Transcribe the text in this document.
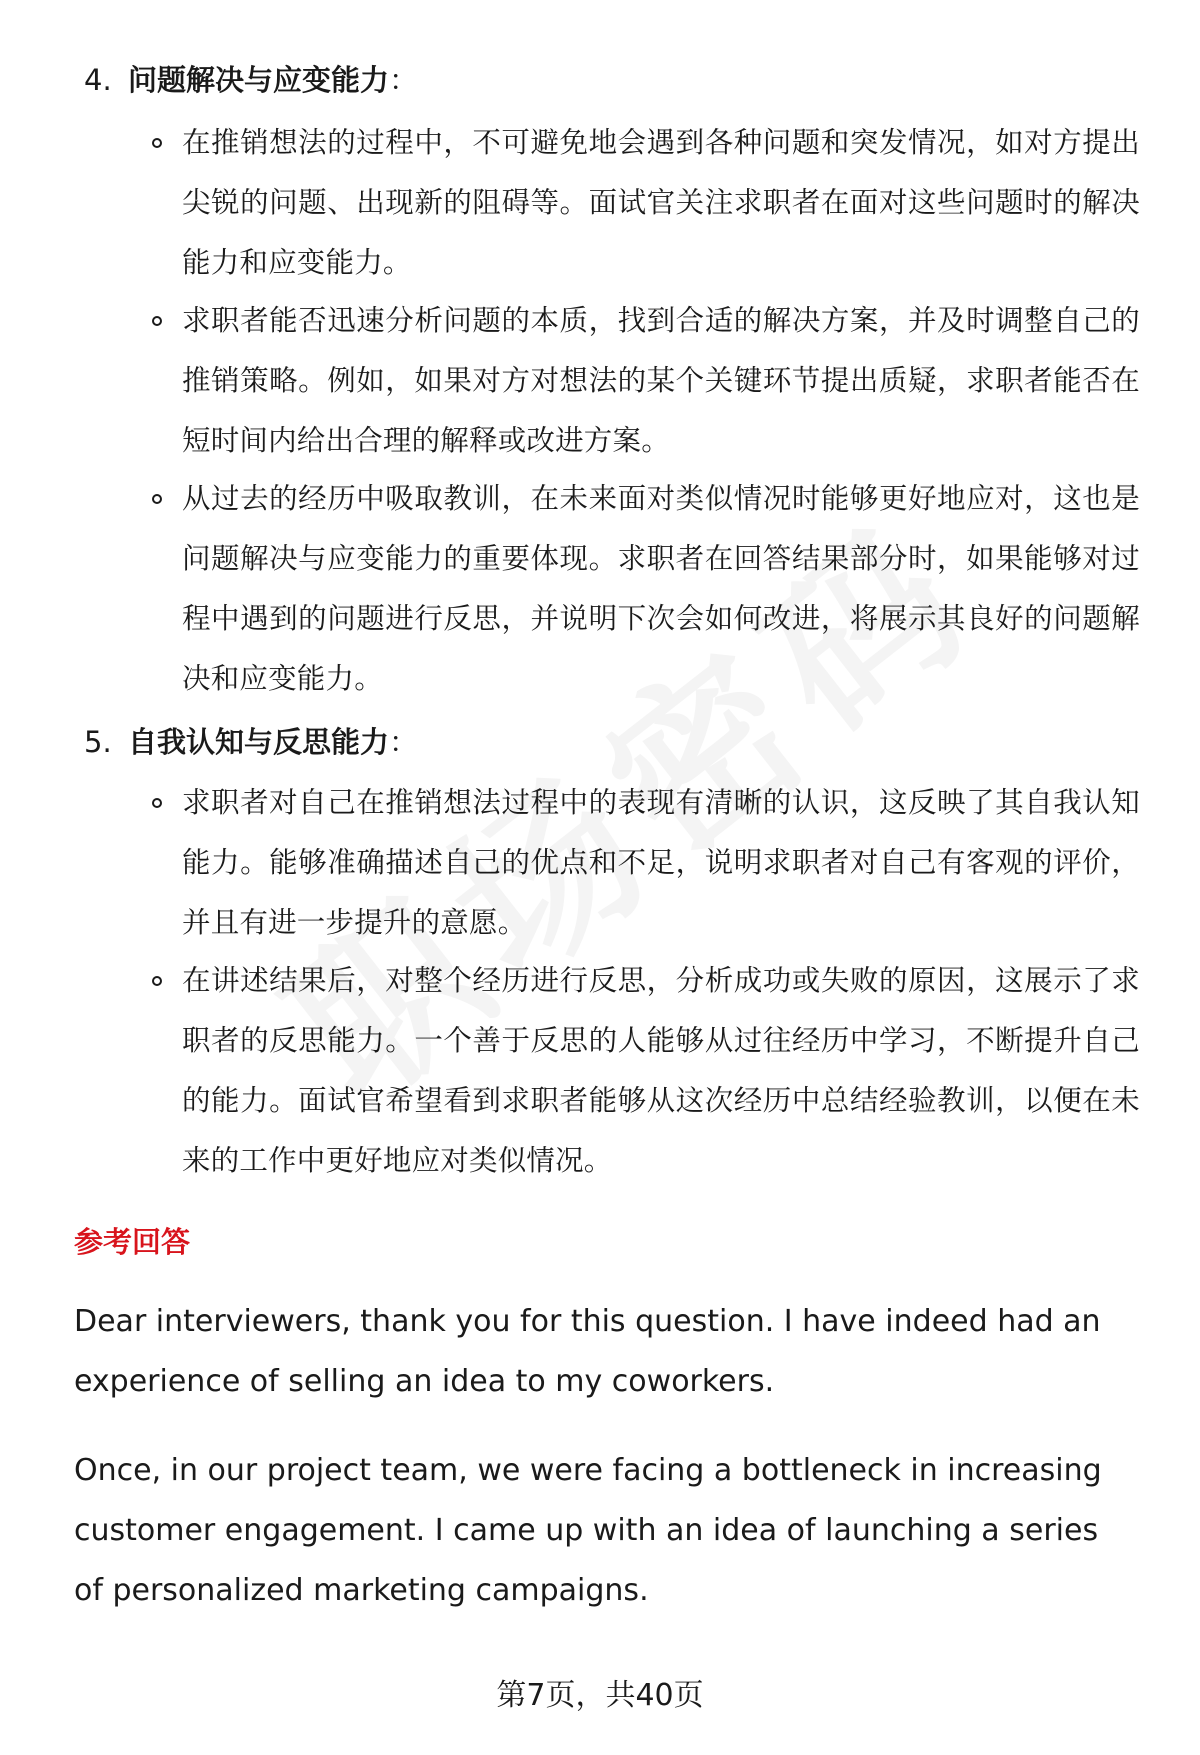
4. 问题解决与应变能力：
在推销想法的过程中，不可避免地会遇到各种问题和突发情况，如对方提出尖锐的问题、出现新的阻碍等。面试官关注求职者在面对这些问题时的解决能力和应变能力。
求职者能否迅速分析问题的本质，找到合适的解决方案，并及时调整自己的推销策略。例如，如果对方对想法的某个关键环节提出质疑，求职者能否在短时间内给出合理的解释或改进方案。
从过去的经历中吸取教训，在未来面对类似情况时能够更好地应对，这也是问题解决与应变能力的重要体现。求职者在回答结果部分时，如果能够对过程中遇到的问题进行反思，并说明下次会如何改进，将展示其良好的问题解决和应变能力。
5. 自我认知与反思能力：
求职者对自己在推销想法过程中的表现有清晰的认识，这反映了其自我认知能力。能够准确描述自己的优点和不足，说明求职者对自己有客观的评价，并且有进一步提升的意愿。
在讲述结果后，对整个经历进行反思，分析成功或失败的原因，这展示了求职者的反思能力。一个善于反思的人能够从过往经历中学习，不断提升自己的能力。面试官希望看到求职者能够从这次经历中总结经验教训，以便在未来的工作中更好地应对类似情况。
参考回答
Dear interviewers, thank you for this question. I have indeed had an experience of selling an idea to my coworkers.
Once, in our project team, we were facing a bottleneck in increasing customer engagement. I came up with an idea of launching a series of personalized marketing campaigns.
第7页，共40页
